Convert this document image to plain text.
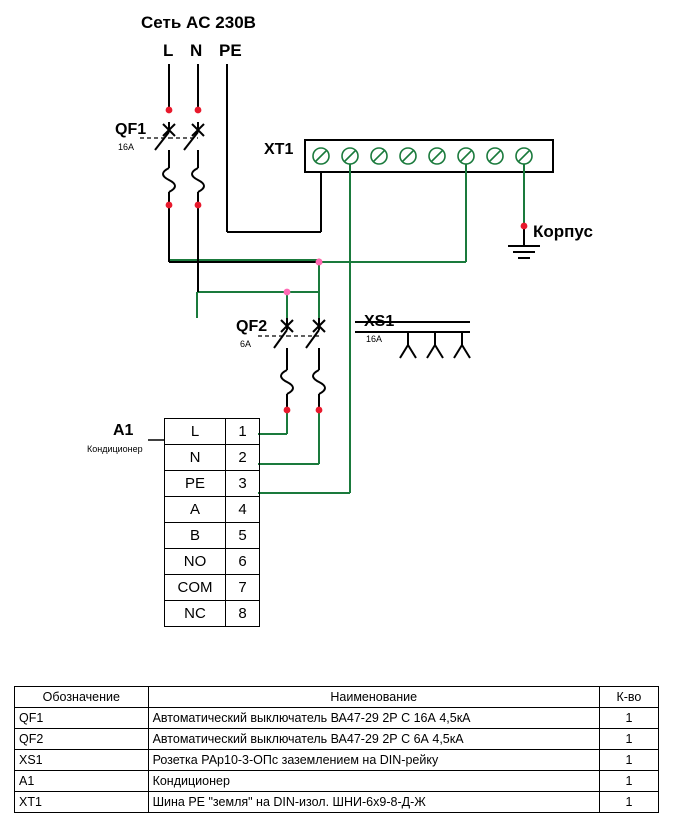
Сеть AC 230В
L N PE
QF1
16A	XT1
Корпус
QF2
6A
XS1
16A
A1
Кондиционер
L	1
N	2
PE	3
A	4
B	5
NO	6
COM	7
NC	8
Обозначение	Наименование	К-во
QF1	Автоматический выключатель ВА47-29 2Р С 16А 4,5кА	1
QF2	Автоматический выключатель ВА47-29 2Р С 6А 4,5кА	1
XS1	Розетка РАр10-3-ОПс заземлением на DIN-рейку	1
A1	Кондиционер	1
XT1	Шина PE "земля" на DIN-изол. ШНИ-6х9-8-Д-Ж	1
